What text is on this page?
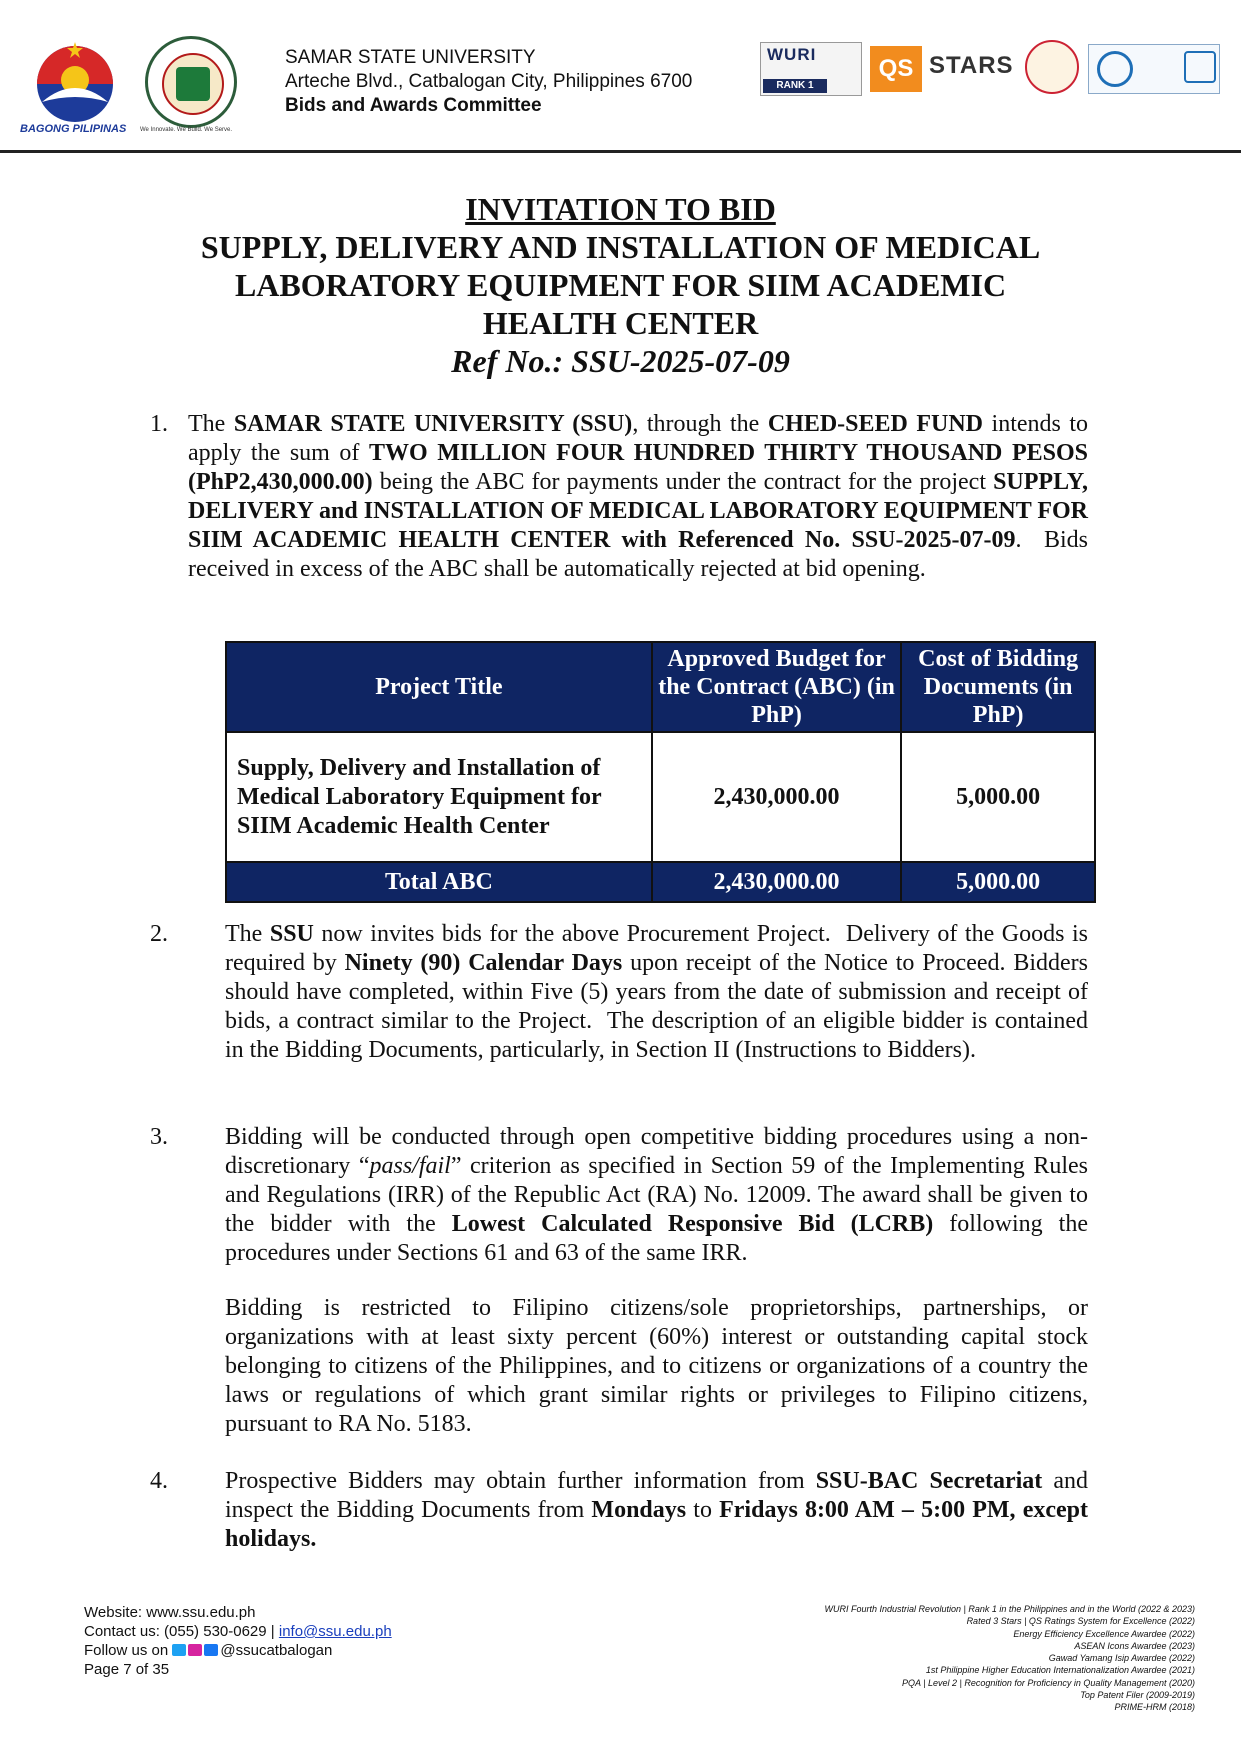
BAGONG PILIPINAS We Innovate. We Build. We Serve.
SAMAR STATE UNIVERSITY
Arteche Blvd., Catbalogan City, Philippines 6700
Bids and Awards Committee
WURI
RANK 1
QS STARS
INVITATION TO BID
SUPPLY, DELIVERY AND INSTALLATION OF MEDICAL
LABORATORY EQUIPMENT FOR SIIM ACADEMIC
HEALTH CENTER
Ref No.: SSU-2025-07-09
1. The SAMAR STATE UNIVERSITY (SSU), through the CHED-SEED FUND intends to apply the sum of TWO MILLION FOUR HUNDRED THIRTY THOUSAND PESOS (PhP2,430,000.00) being the ABC for payments under the contract for the project SUPPLY, DELIVERY and INSTALLATION OF MEDICAL LABORATORY EQUIPMENT FOR SIIM ACADEMIC HEALTH CENTER with Referenced No. SSU-2025-07-09.  Bids received in excess of the ABC shall be automatically rejected at bid opening.
Project Title	Approved Budget for the Contract (ABC) (in PhP)	Cost of Bidding Documents (in PhP)
Supply, Delivery and Installation of Medical Laboratory Equipment for SIIM Academic Health Center	2,430,000.00	5,000.00
Total ABC	2,430,000.00	5,000.00
2. The SSU now invites bids for the above Procurement Project.  Delivery of the Goods is required by Ninety (90) Calendar Days upon receipt of the Notice to Proceed. Bidders should have completed, within Five (5) years from the date of submission and receipt of bids, a contract similar to the Project.  The description of an eligible bidder is contained in the Bidding Documents, particularly, in Section II (Instructions to Bidders).
3. Bidding will be conducted through open competitive bidding procedures using a non-discretionary “pass/fail” criterion as specified in Section 59 of the Implementing Rules and Regulations (IRR) of the Republic Act (RA) No. 12009. The award shall be given to the bidder with the Lowest Calculated Responsive Bid (LCRB) following the procedures under Sections 61 and 63 of the same IRR.
Bidding is restricted to Filipino citizens/sole proprietorships, partnerships, or organizations with at least sixty percent (60%) interest or outstanding capital stock belonging to citizens of the Philippines, and to citizens or organizations of a country the laws or regulations of which grant similar rights or privileges to Filipino citizens, pursuant to RA No. 5183.
4. Prospective Bidders may obtain further information from SSU-BAC Secretariat and inspect the Bidding Documents from Mondays to Fridays 8:00 AM – 5:00 PM, except holidays.
Website: www.ssu.edu.ph
Contact us: (055) 530-0629 | info@ssu.edu.ph
Follow us on	@ssucatbalogan
Page 7 of 35
WURI Fourth Industrial Revolution | Rank 1 in the Philippines and in the World (2022 & 2023)
Rated 3 Stars | QS Ratings System for Excellence (2022)
Energy Efficiency Excellence Awardee (2022)
ASEAN Icons Awardee (2023)
Gawad Yamang Isip Awardee (2022)
1st Philippine Higher Education Internationalization Awardee (2021)
PQA | Level 2 | Recognition for Proficiency in Quality Management (2020)
Top Patent Filer (2009-2019)
PRIME-HRM (2018)
